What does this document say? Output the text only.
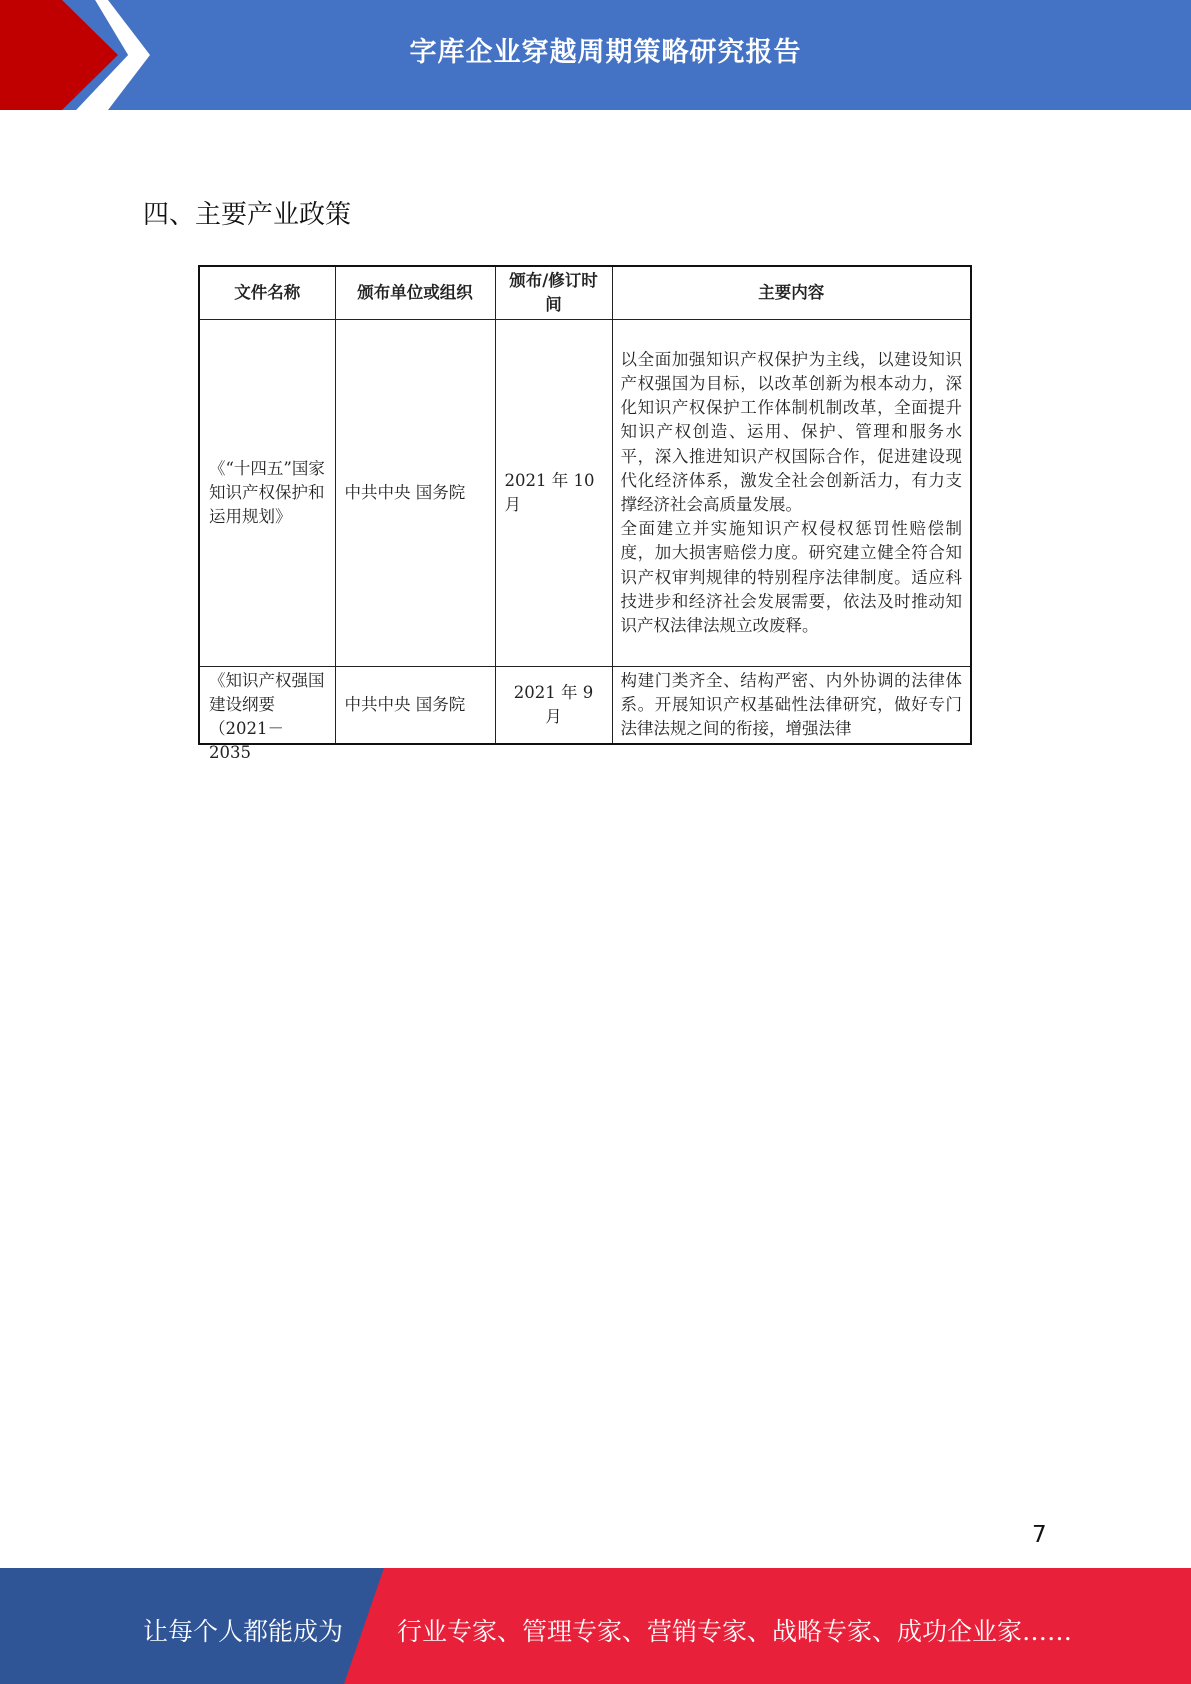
字库企业穿越周期策略研究报告
四、主要产业政策
文件名称	颁布单位或组织	颁布/修订时间	主要内容
《“十四五”国家知识产权保护和运用规划》	中共中央 国务院	2021 年 10 月	以全面加强知识产权保护为主线，以建设知识产权强国为目标，以改革创新为根本动力，深化知识产权保护工作体制机制改革，全面提升知识产权创造、运用、保护、管理和服务水平，深入推进知识产权国际合作，促进建设现代化经济体系，激发全社会创新活力，有力支撑经济社会高质量发展。
全面建立并实施知识产权侵权惩罚性赔偿制度，加大损害赔偿力度。研究建立健全符合知识产权审判规律的特别程序法律制度。适应科技进步和经济社会发展需要，依法及时推动知识产权法律法规立改废释。

《知识产权强国建设纲要（2021－2035	中共中央 国务院	2021 年 9 月	构建门类齐全、结构严密、内外协调的法律体系。开展知识产权基础性法律研究，做好专门法律法规之间的衔接，增强法律
7
让每个人都能成为 行业专家、管理专家、营销专家、战略专家、成功企业家……
